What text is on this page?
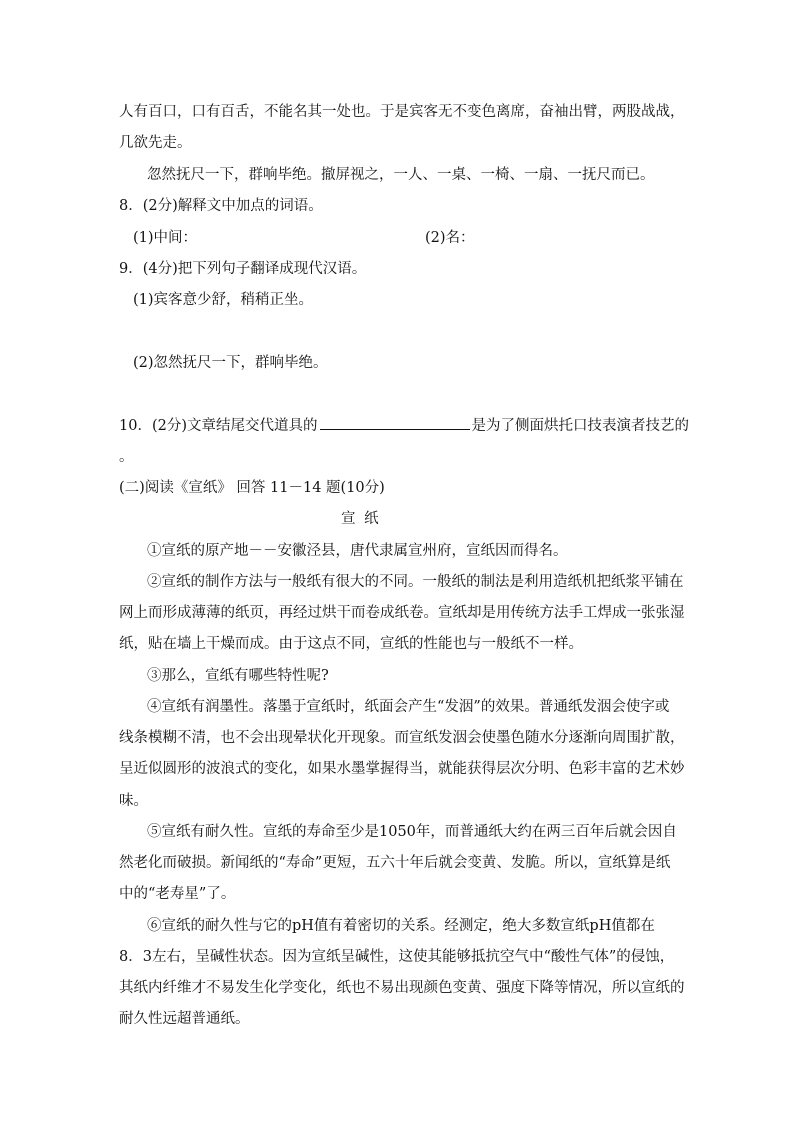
人有百口，口有百舌，不能名其一处也。于是宾客无不变色离席，奋袖出臂，两股战战，
几欲先走。
忽然抚尺一下，群响毕绝。撤屏视之，一人、一桌、一椅、一扇、一抚尺而已。
8．(2分)解释文中加点的词语。
(1)中间：	(2)名：
9．(4分)把下列句子翻译成现代汉语。
(1)宾客意少舒，稍稍正坐。
(2)忽然抚尺一下，群响毕绝。
10．(2分)文章结尾交代道具的	是为了侧面烘托口技表演者技艺的
。
(二)阅读《宣纸》 回答 11－14 题(10分)
宣 纸
①宣纸的原产地－－安徽泾县，唐代隶属宣州府，宣纸因而得名。
②宣纸的制作方法与一般纸有很大的不同。一般纸的制法是利用造纸机把纸浆平铺在
网上而形成薄薄的纸页，再经过烘干而卷成纸卷。宣纸却是用传统方法手工焊成一张张湿
纸，贴在墙上干燥而成。由于这点不同，宣纸的性能也与一般纸不一样。
③那么，宣纸有哪些特性呢?
④宣纸有润墨性。落墨于宣纸时，纸面会产生“发洇”的效果。普通纸发洇会使字或
线条模糊不清，也不会出现晕状化开现象。而宣纸发洇会使墨色随水分逐渐向周围扩散，
呈近似圆形的波浪式的变化，如果水墨掌握得当，就能获得层次分明、色彩丰富的艺术妙
味。
⑤宣纸有耐久性。宣纸的寿命至少是1050年，而普通纸大约在两三百年后就会因自
然老化而破损。新闻纸的“寿命”更短，五六十年后就会变黄、发脆。所以，宣纸算是纸
中的“老寿星”了。
⑥宣纸的耐久性与它的pH值有着密切的关系。经测定，绝大多数宣纸pH值都在
8．3左右，呈碱性状态。因为宣纸呈碱性，这使其能够抵抗空气中“酸性气体”的侵蚀，
其纸内纤维才不易发生化学变化，纸也不易出现颜色变黄、强度下降等情况，所以宣纸的
耐久性远超普通纸。
